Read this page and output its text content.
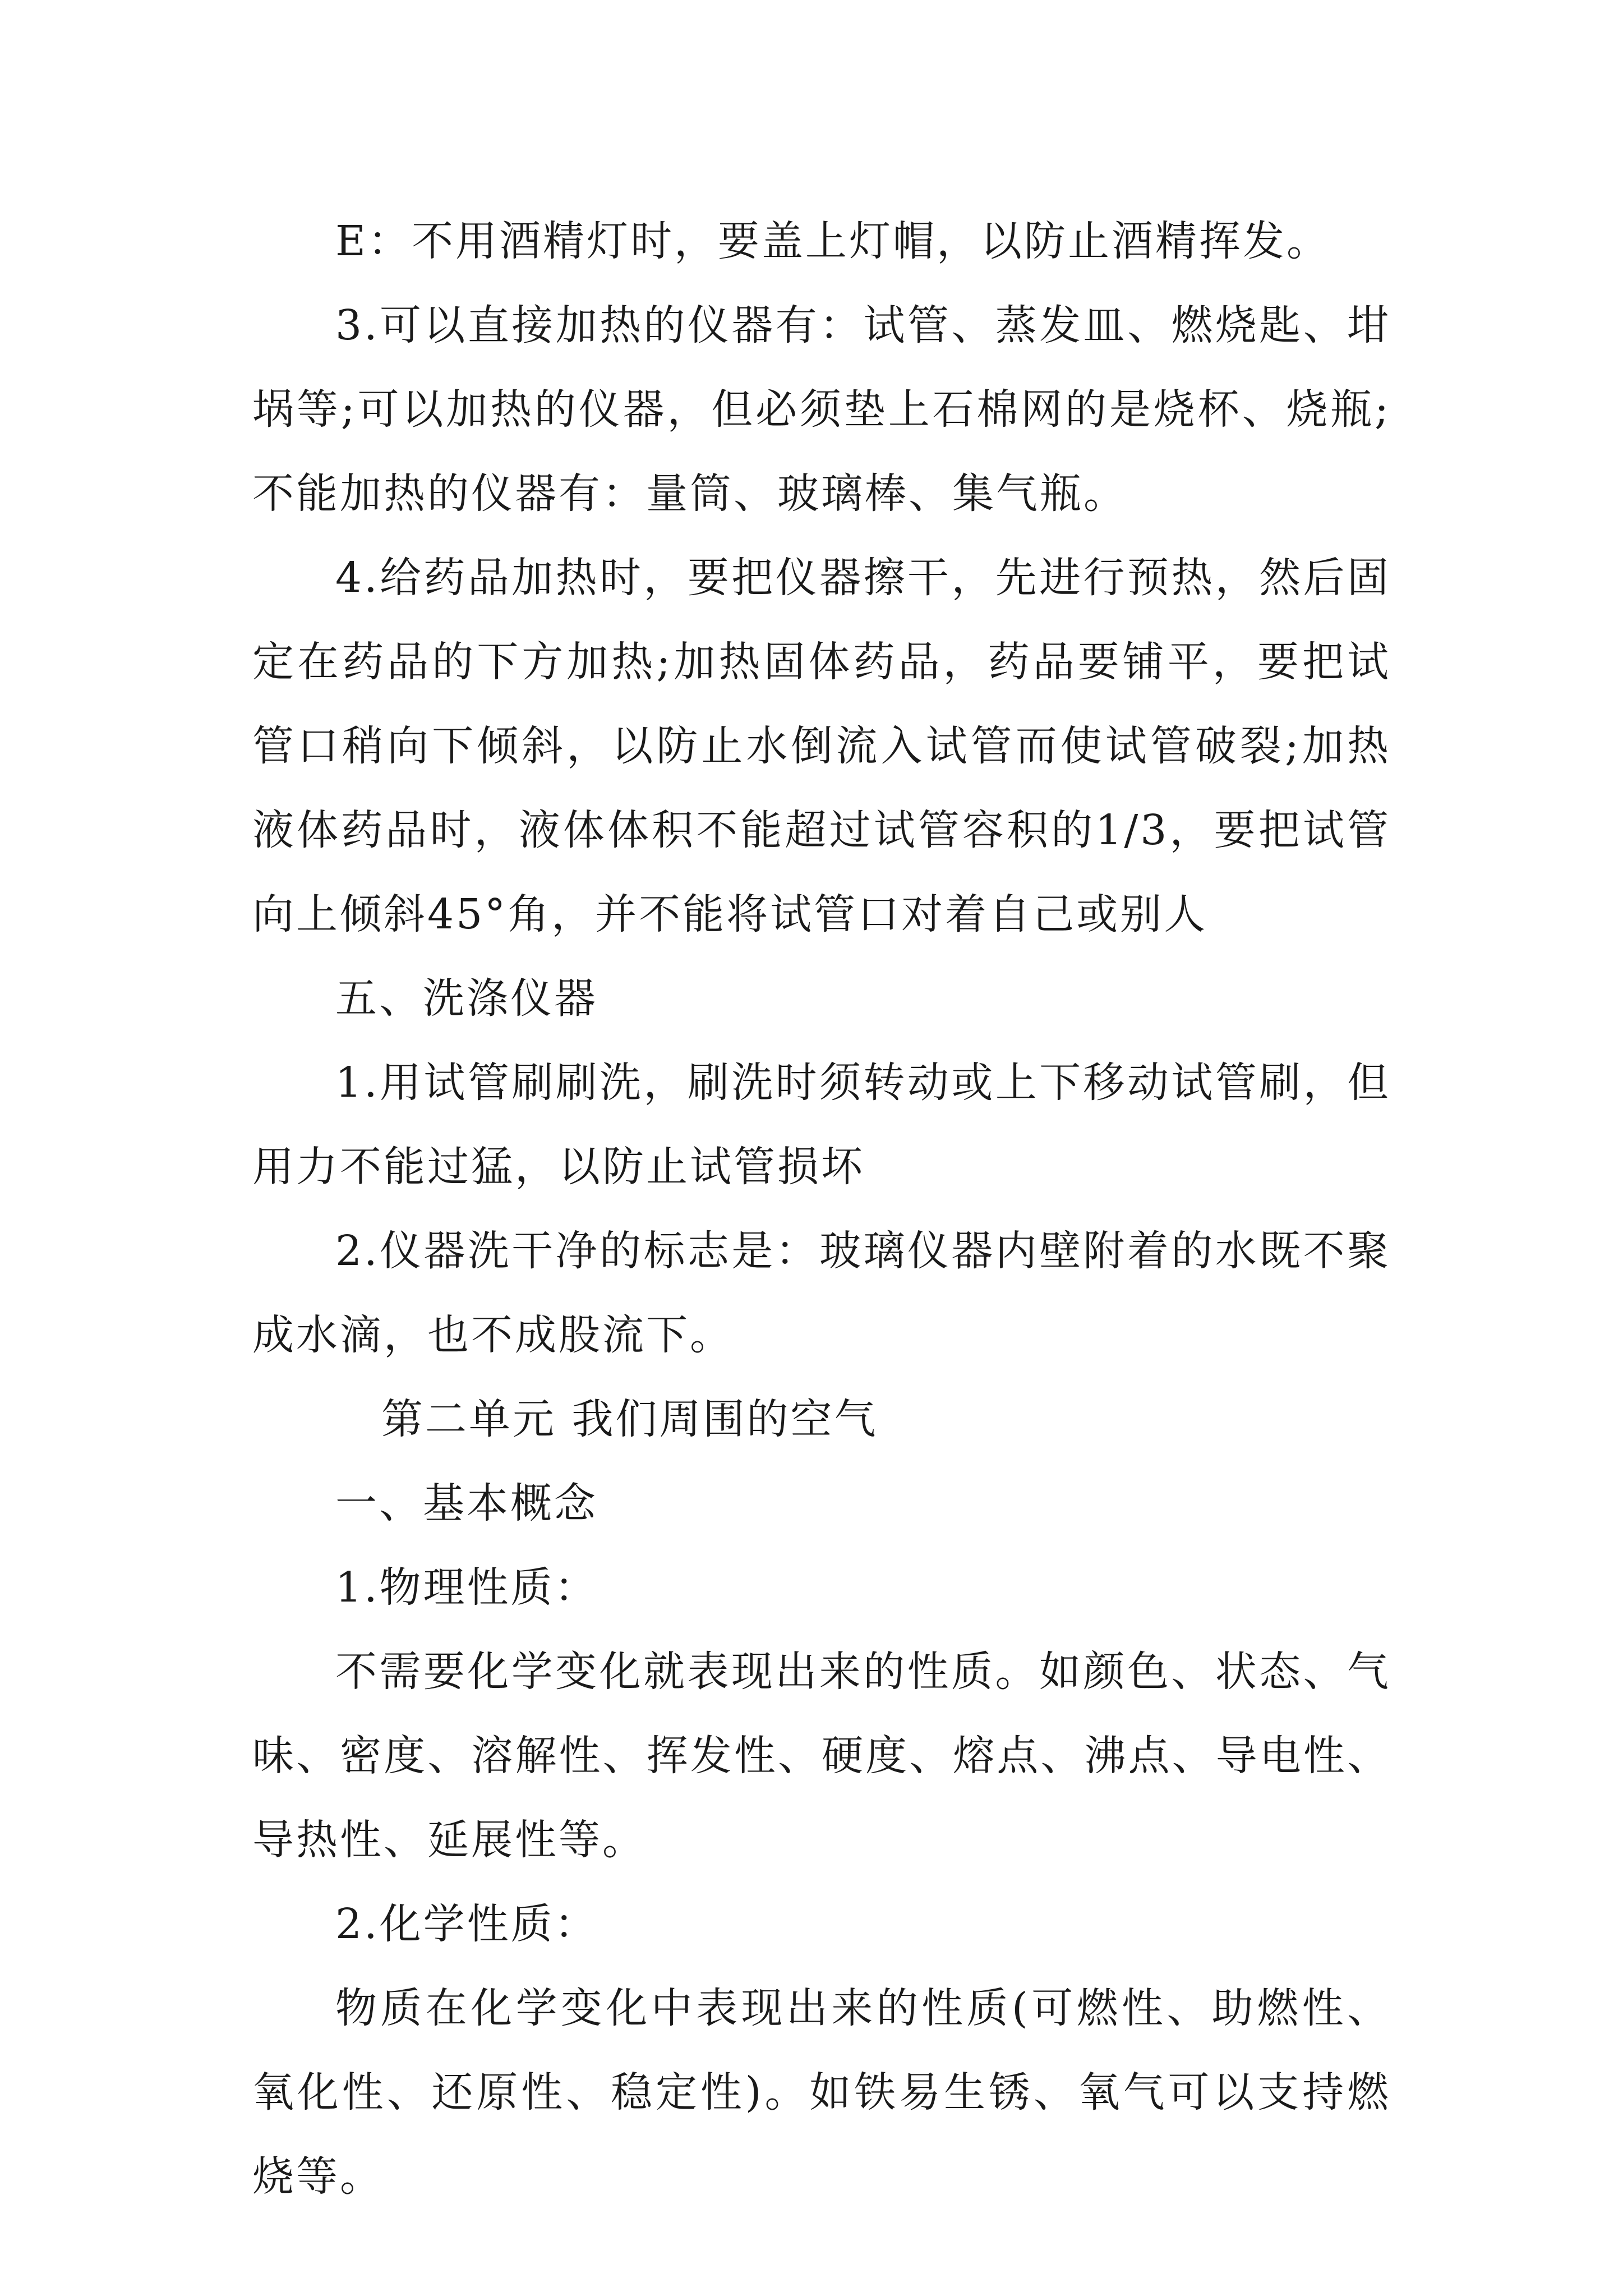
E：不用酒精灯时，要盖上灯帽，以防止酒精挥发。

3.可以直接加热的仪器有：试管、蒸发皿、燃烧匙、坩埚等;可以加热的仪器，但必须垫上石棉网的是烧杯、烧瓶;不能加热的仪器有：量筒、玻璃棒、集气瓶。

4.给药品加热时，要把仪器擦干，先进行预热，然后固定在药品的下方加热;加热固体药品，药品要铺平，要把试管口稍向下倾斜，以防止水倒流入试管而使试管破裂;加热液体药品时，液体体积不能超过试管容积的1/3，要把试管向上倾斜45°角，并不能将试管口对着自己或别人

五、洗涤仪器

1.用试管刷刷洗，刷洗时须转动或上下移动试管刷，但用力不能过猛，以防止试管损坏

2.仪器洗干净的标志是：玻璃仪器内壁附着的水既不聚成水滴，也不成股流下。

第二单元 我们周围的空气

一、基本概念

1.物理性质：

不需要化学变化就表现出来的性质。如颜色、状态、气味、密度、溶解性、挥发性、硬度、熔点、沸点、导电性、导热性、延展性等。

2.化学性质：

物质在化学变化中表现出来的性质(可燃性、助燃性、氧化性、还原性、稳定性)。如铁易生锈、氧气可以支持燃烧等。
